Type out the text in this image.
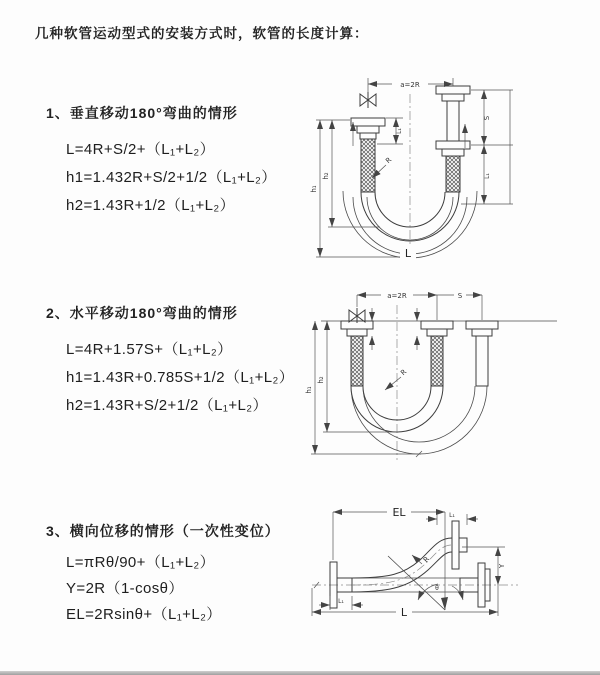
几种软管运动型式的安装方式时，软管的长度计算：
1、垂直移动180°弯曲的情形
L=4R+S/2+（L₁+L₂）
h1=1.432R+S/2+1/2（L₁+L₂）
h2=1.43R+1/2（L₁+L₂）
2、水平移动180°弯曲的情形
L=4R+1.57S+（L₁+L₂）
h1=1.43R+0.785S+1/2（L₁+L₂）
h2=1.43R+S/2+1/2（L₁+L₂）
3、横向位移的情形（一次性变位）
L=πRθ/90+（L₁+L₂）
Y=2R（1-cosθ）
EL=2Rsinθ+（L₁+L₂）
a=2R
h₁
h₂
L₁
S
L₁
R
L
a=2R	S
h₁
h₂
R
EL	L₁
Y
θ
R
L₁
L
